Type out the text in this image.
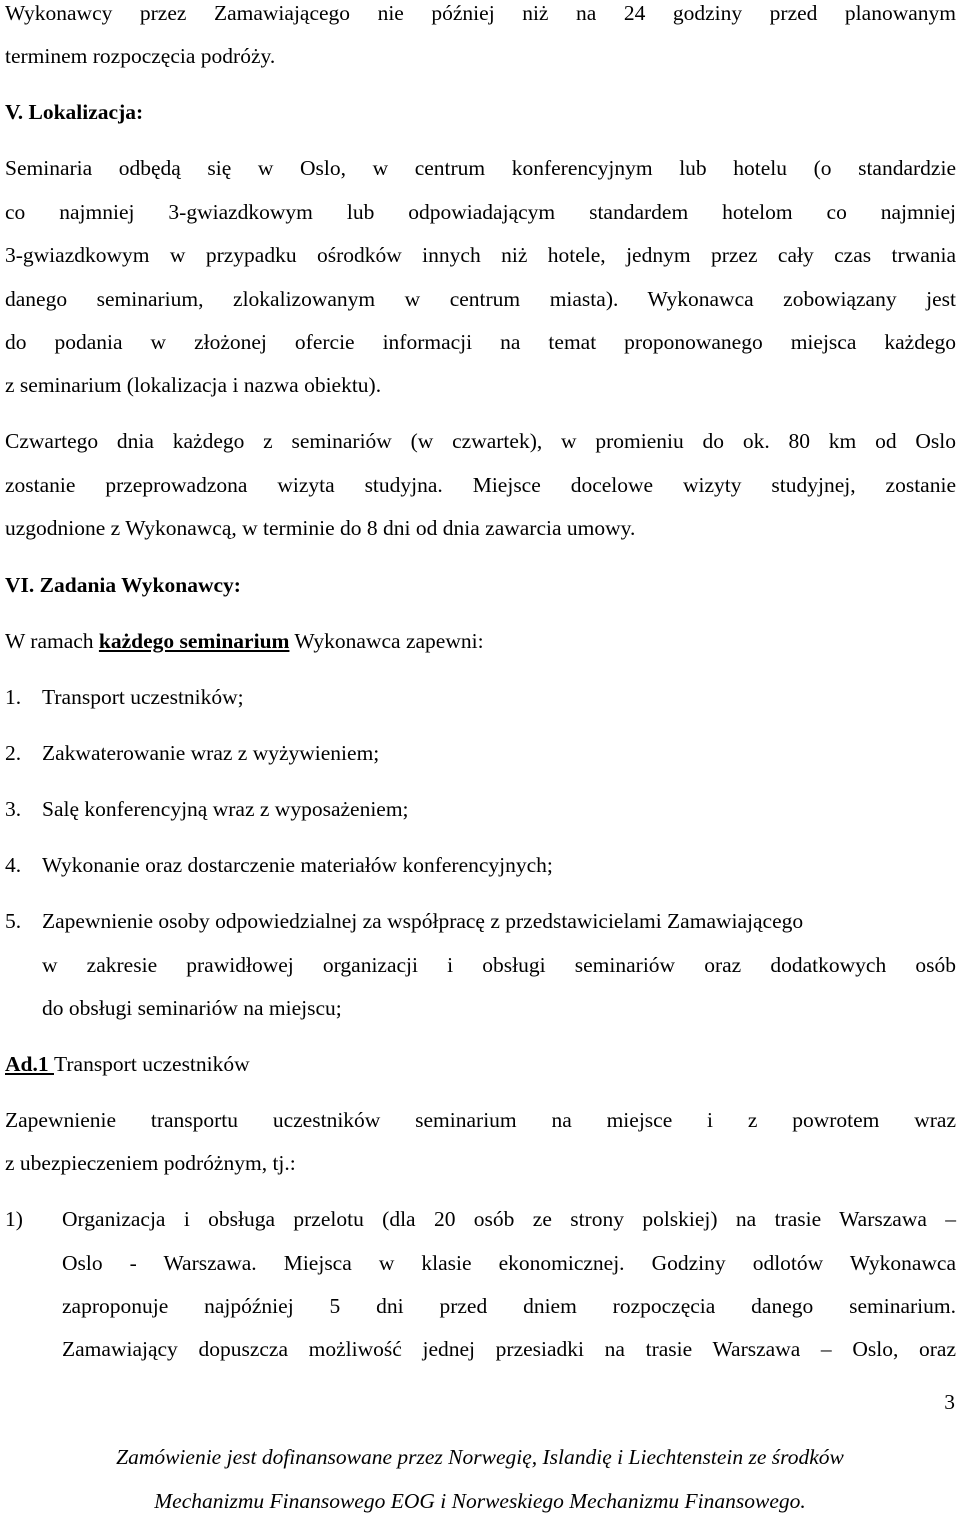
Wykonawcy przez Zamawiającego nie później niż na 24 godziny przed planowanym
terminem rozpoczęcia podróży.
V. Lokalizacja:
Seminaria odbędą się w Oslo, w centrum konferencyjnym lub hotelu (o standardzie
co najmniej 3-gwiazdkowym lub odpowiadającym standardem hotelom co najmniej
3-gwiazdkowym w przypadku ośrodków innych niż hotele, jednym przez cały czas trwania
danego seminarium, zlokalizowanym w centrum miasta). Wykonawca zobowiązany jest
do podania w złożonej ofercie informacji na temat proponowanego miejsca każdego
z seminarium (lokalizacja i nazwa obiektu).
Czwartego dnia każdego z seminariów (w czwartek), w promieniu do ok. 80 km od Oslo
zostanie przeprowadzona wizyta studyjna. Miejsce docelowe wizyty studyjnej, zostanie
uzgodnione z Wykonawcą, w terminie do 8 dni od dnia zawarcia umowy.
VI. Zadania Wykonawcy:
W ramach każdego seminarium Wykonawca zapewni:
1. Transport uczestników;
2. Zakwaterowanie wraz z wyżywieniem;
3. Salę konferencyjną wraz z wyposażeniem;
4. Wykonanie oraz dostarczenie materiałów konferencyjnych;
5. Zapewnienie osoby odpowiedzialnej za współpracę z przedstawicielami Zamawiającego
w zakresie prawidłowej organizacji i obsługi seminariów oraz dodatkowych osób
do obsługi seminariów na miejscu;
Ad.1 Transport uczestników
Zapewnienie transportu uczestników seminarium na miejsce i z powrotem wraz
z ubezpieczeniem podróżnym, tj.:
1) Organizacja i obsługa przelotu (dla 20 osób ze strony polskiej) na trasie Warszawa –
Oslo - Warszawa. Miejsca w klasie ekonomicznej. Godziny odlotów Wykonawca
zaproponuje najpóźniej 5 dni przed dniem rozpoczęcia danego seminarium.
Zamawiający dopuszcza możliwość jednej przesiadki na trasie Warszawa – Oslo, oraz
3
Zamówienie jest dofinansowane przez Norwegię, Islandię i Liechtenstein ze środków
Mechanizmu Finansowego EOG i Norweskiego Mechanizmu Finansowego.
